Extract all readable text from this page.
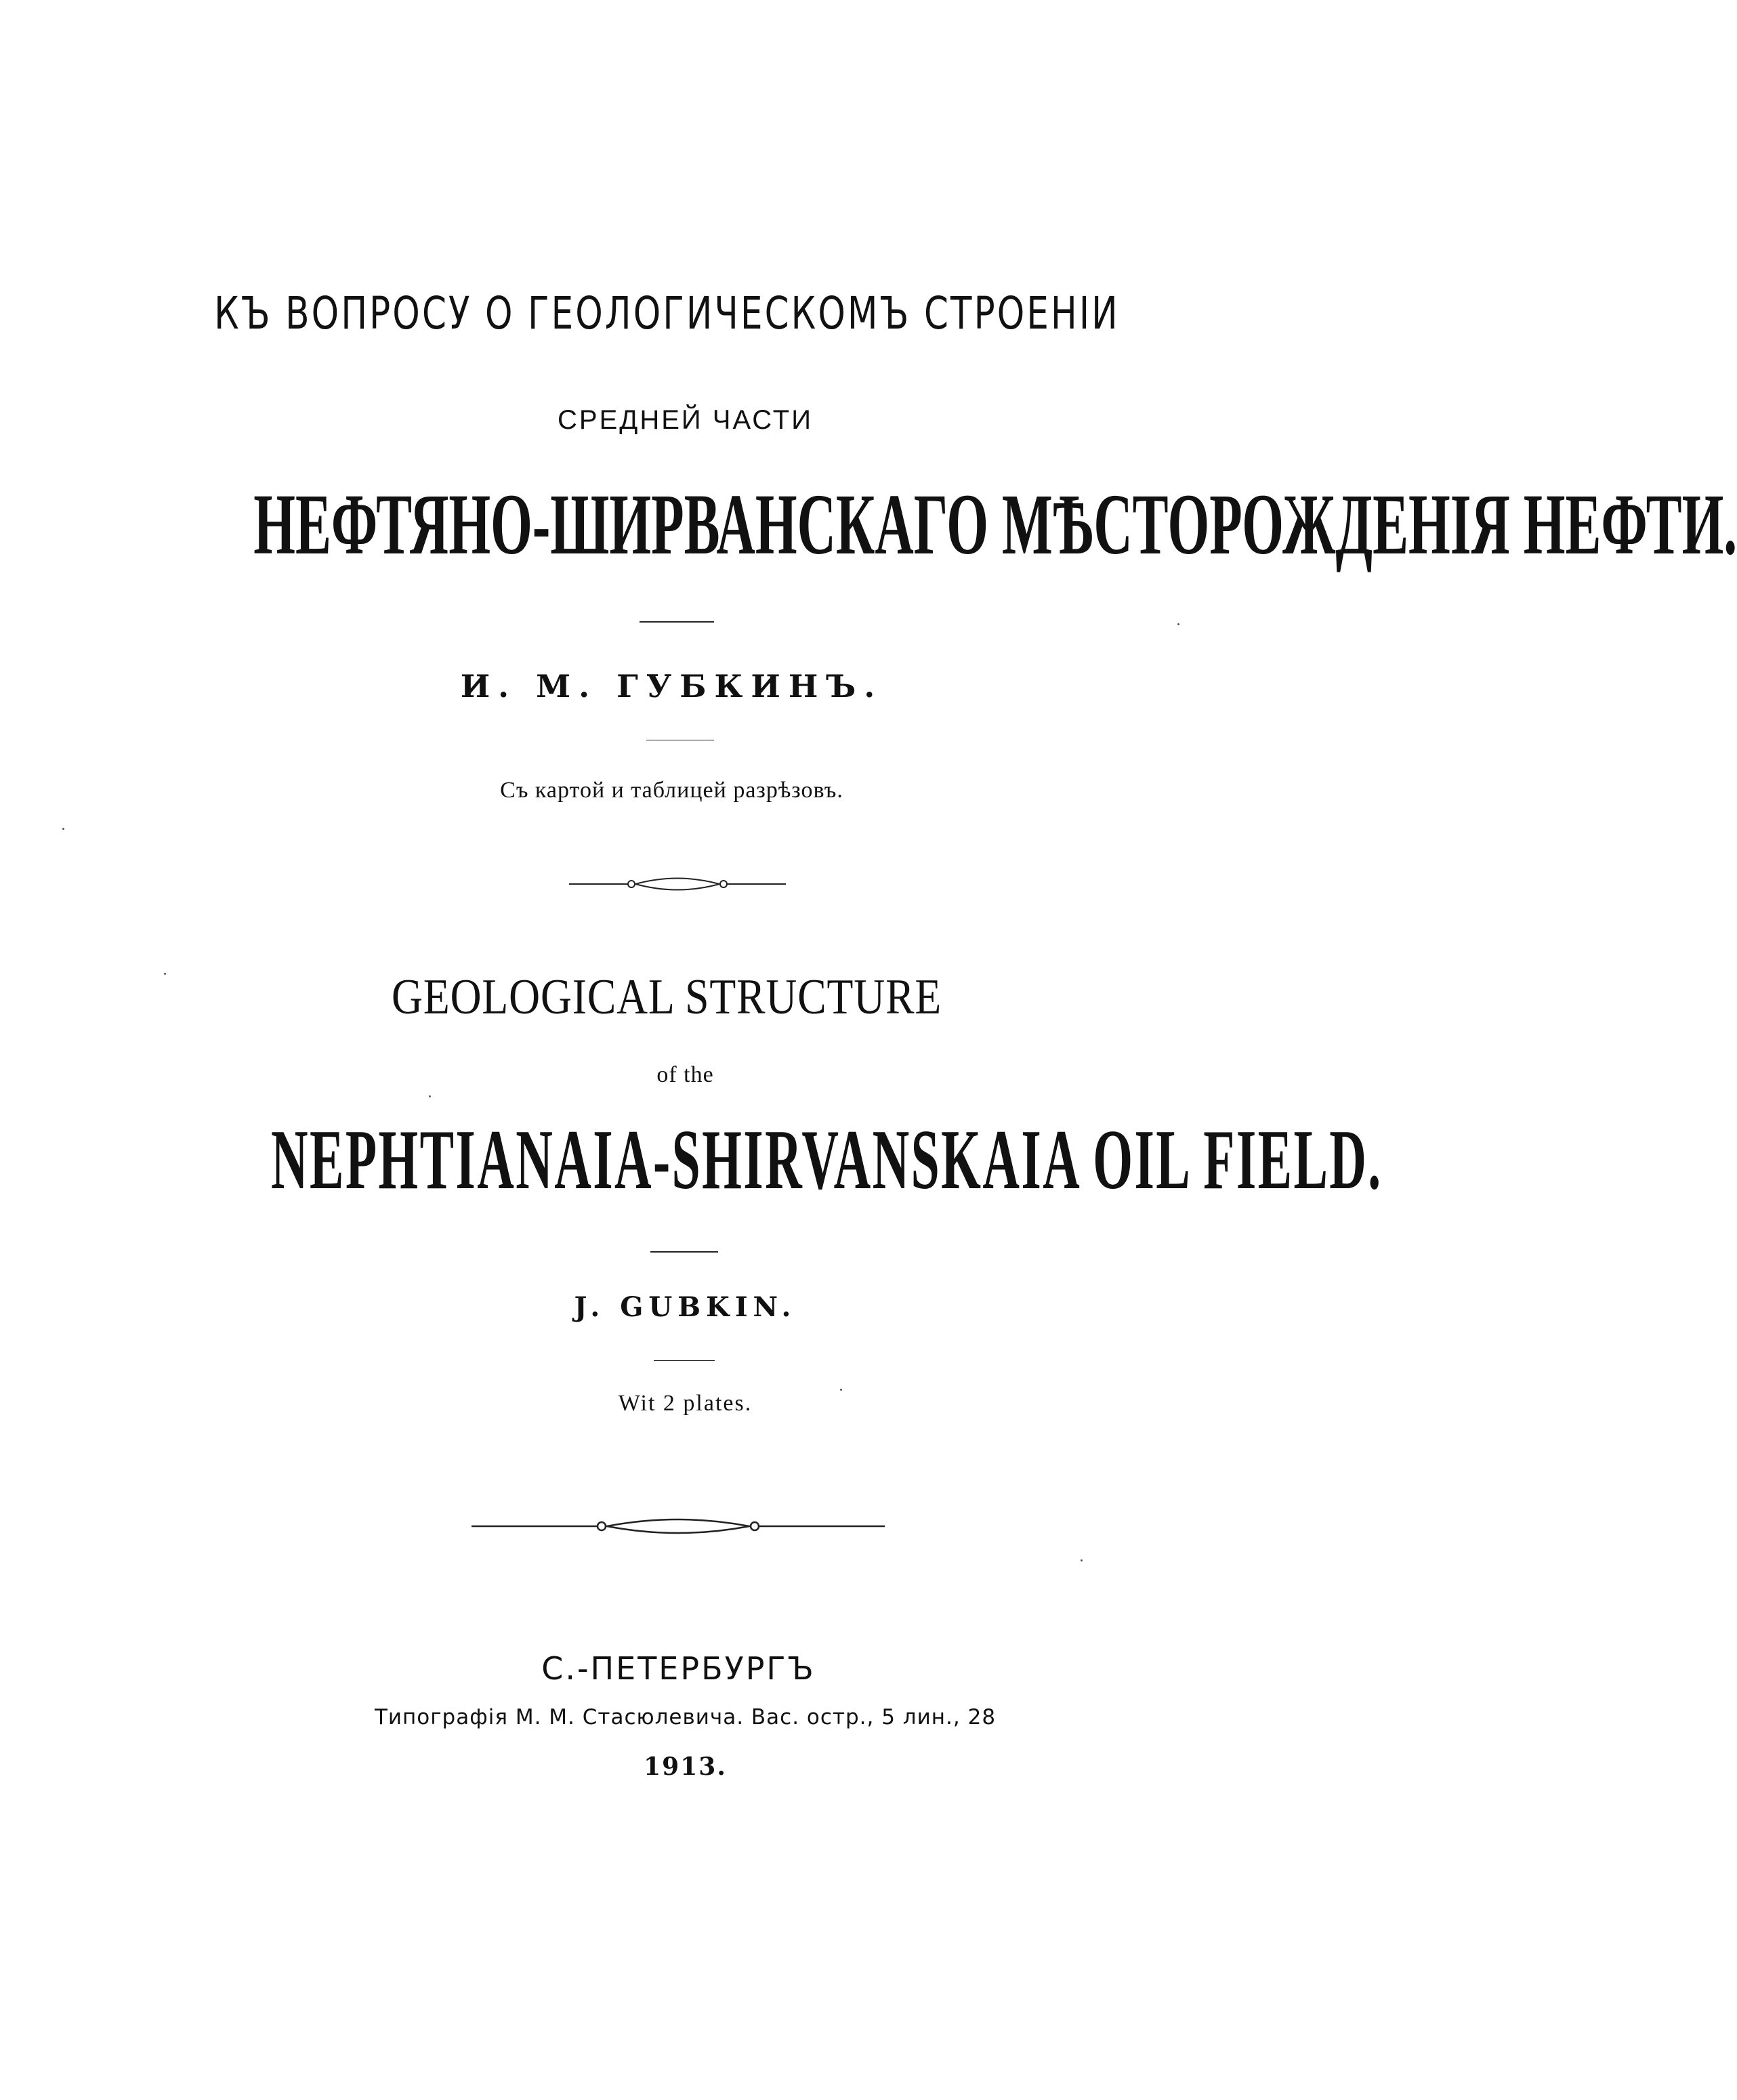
КЪ ВОПРОСУ О ГЕОЛОГИЧЕСКОМЪ СТРОЕНIИ
СРЕДНЕЙ ЧАСТИ
НЕФТЯНО-ШИРВАНСКАГО МѢСТОРОЖДЕНIЯ НЕФТИ.
И. М. ГУБКИНЪ.
Съ картой и таблицей разрѣзовъ.
GEOLOGICAL STRUCTURE
of the
NEPHTIANAIA-SHIRVANSKAIA OIL FIELD.
J. GUBKIN.
Wit 2 plates.
С.-ПЕТЕРБУРГЪ
Типографiя М. М. Стасюлевича. Вас. остр., 5 лин., 28
1913.
